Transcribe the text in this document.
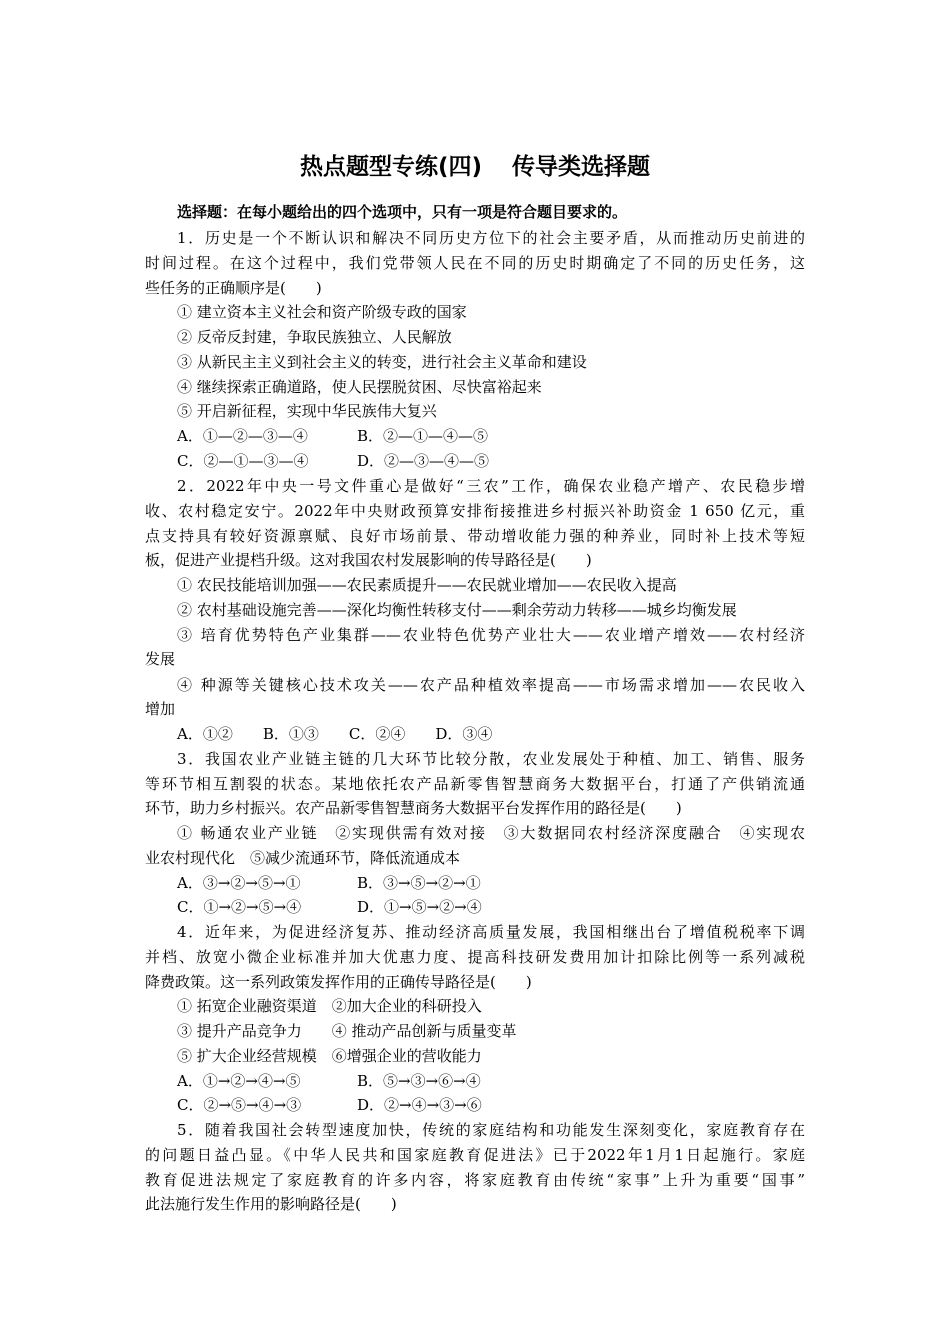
热点题型专练(四) 传导类选择题
选择题：在每小题给出的四个选项中，只有一项是符合题目要求的。
1．历史是一个不断认识和解决不同历史方位下的社会主要矛盾，从而推动历史前进的
时间过程。在这个过程中，我们党带领人民在不同的历史时期确定了不同的历史任务，这
些任务的正确顺序是(　　)
① 建立资本主义社会和资产阶级专政的国家
② 反帝反封建，争取民族独立、人民解放
③ 从新民主主义到社会主义的转变，进行社会主义革命和建设
④ 继续探索正确道路，使人民摆脱贫困、尽快富裕起来
⑤ 开启新征程，实现中华民族伟大复兴
A．①—②—③—④	B．②—①—④—⑤
C．②—①—③—④	D．②—③—④—⑤
2．2022年中央一号文件重心是做好“三农”工作，确保农业稳产增产、农民稳步增
收、农村稳定安宁。2022年中央财政预算安排衔接推进乡村振兴补助资金 1 650 亿元，重
点支持具有较好资源禀赋、良好市场前景、带动增收能力强的种养业，同时补上技术等短
板，促进产业提档升级。这对我国农村发展影响的传导路径是(　　)
① 农民技能培训加强——农民素质提升——农民就业增加——农民收入提高
② 农村基础设施完善——深化均衡性转移支付——剩余劳动力转移——城乡均衡发展
③ 培育优势特色产业集群——农业特色优势产业壮大——农业增产增效——农村经济
发展
④ 种源等关键核心技术攻关——农产品种植效率提高——市场需求增加——农民收入
增加
A．①② B．①③ C．②④ D．③④
3．我国农业产业链主链的几大环节比较分散，农业发展处于种植、加工、销售、服务
等环节相互割裂的状态。某地依托农产品新零售智慧商务大数据平台，打通了产供销流通
环节，助力乡村振兴。农产品新零售智慧商务大数据平台发挥作用的路径是(　　)
① 畅通农业产业链　②实现供需有效对接　③大数据同农村经济深度融合　④实现农
业农村现代化　⑤减少流通环节，降低流通成本
A．③→②→⑤→①	B．③→⑤→②→①
C．①→②→⑤→④	D．①→⑤→②→④
4．近年来，为促进经济复苏、推动经济高质量发展，我国相继出台了增值税税率下调
并档、放宽小微企业标准并加大优惠力度、提高科技研发费用加计扣除比例等一系列减税
降费政策。这一系列政策发挥作用的正确传导路径是(　　)
① 拓宽企业融资渠道　②加大企业的科研投入
③ 提升产品竞争力　　④ 推动产品创新与质量变革
⑤ 扩大企业经营规模　⑥增强企业的营收能力
A．①→②→④→⑤	B．⑤→③→⑥→④
C．②→⑤→④→③	D．②→④→③→⑥
5．随着我国社会转型速度加快，传统的家庭结构和功能发生深刻变化，家庭教育存在
的问题日益凸显。《中华人民共和国家庭教育促进法》已于2022年1月1日起施行。家庭
教育促进法规定了家庭教育的许多内容，将家庭教育由传统“家事”上升为重要“国事”
此法施行发生作用的影响路径是(　　)
